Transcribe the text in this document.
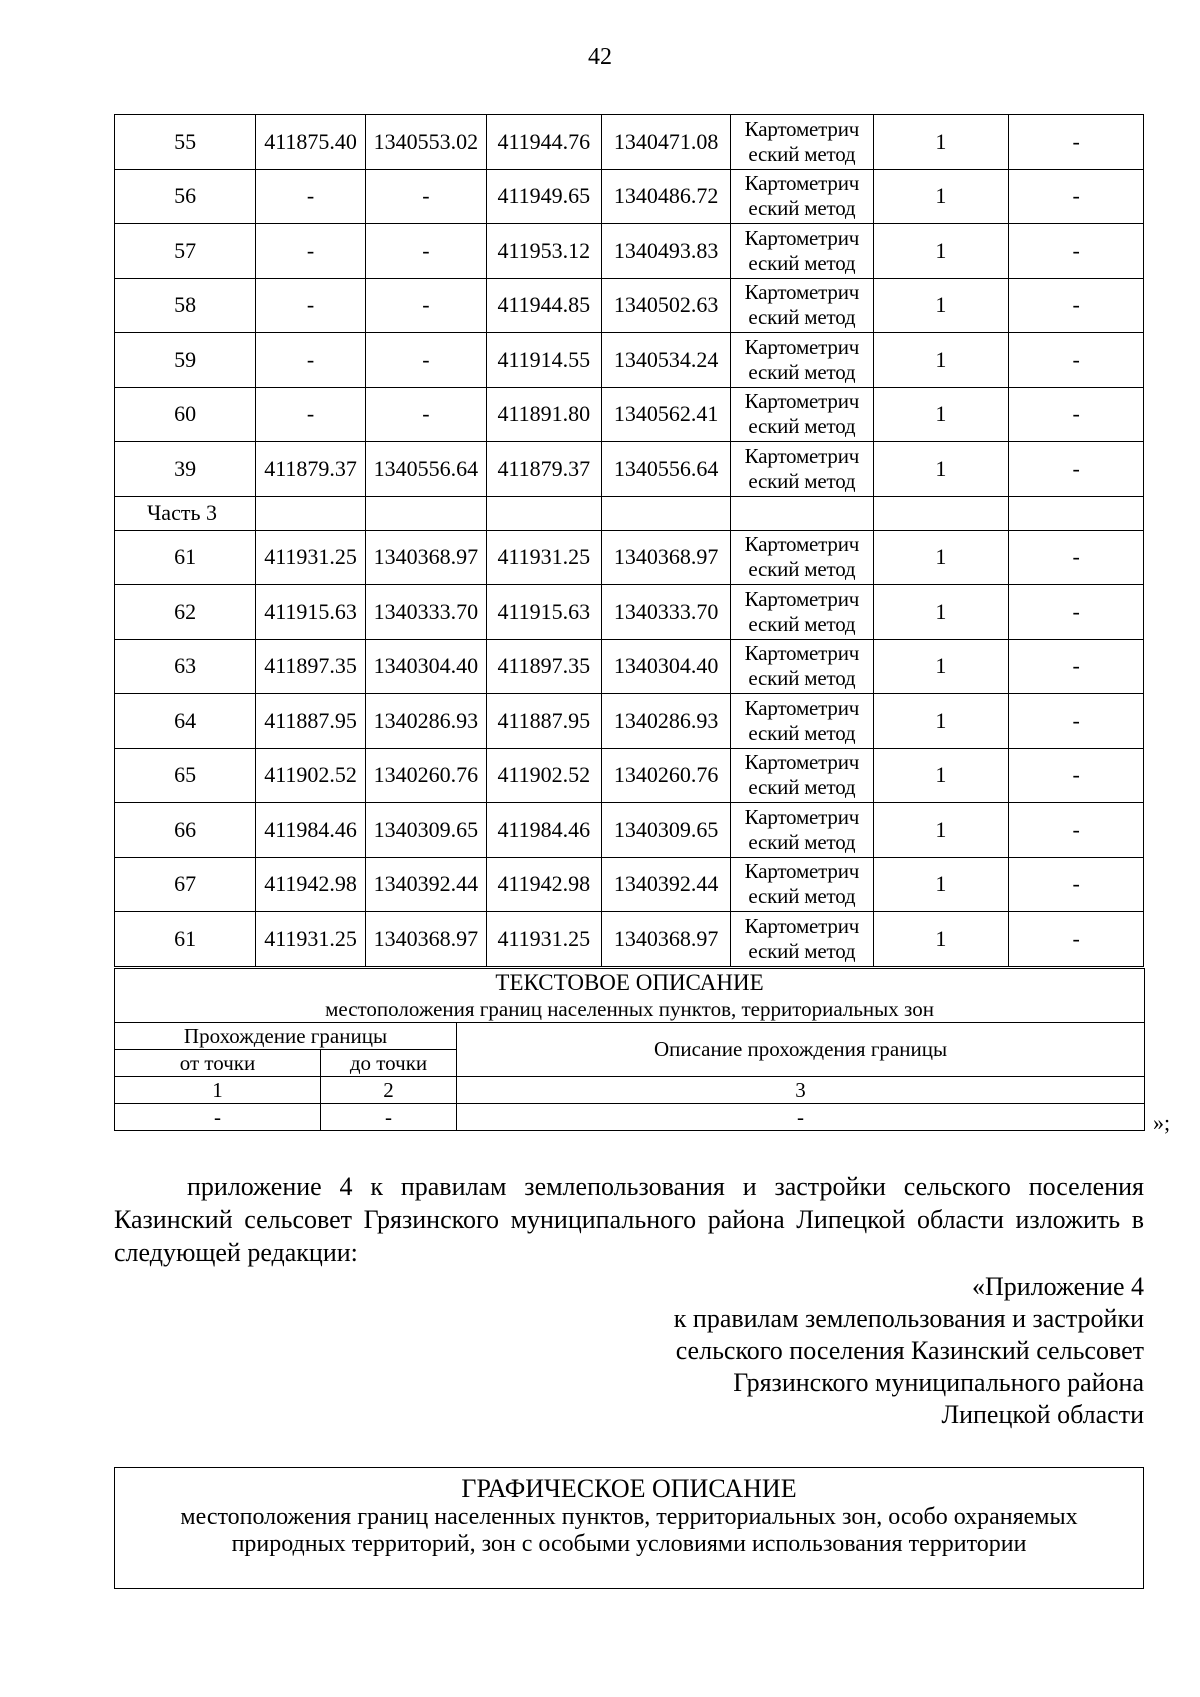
42
55	411875.40	1340553.02	411944.76	1340471.08	Картометрич еский метод	1	-
56	-	-	411949.65	1340486.72	Картометрич еский метод	1	-
57	-	-	411953.12	1340493.83	Картометрич еский метод	1	-
58	-	-	411944.85	1340502.63	Картометрич еский метод	1	-
59	-	-	411914.55	1340534.24	Картометрич еский метод	1	-
60	-	-	411891.80	1340562.41	Картометрич еский метод	1	-
39	411879.37	1340556.64	411879.37	1340556.64	Картометрич еский метод	1	-
Часть 3							
61	411931.25	1340368.97	411931.25	1340368.97	Картометрич еский метод	1	-
62	411915.63	1340333.70	411915.63	1340333.70	Картометрич еский метод	1	-
63	411897.35	1340304.40	411897.35	1340304.40	Картометрич еский метод	1	-
64	411887.95	1340286.93	411887.95	1340286.93	Картометрич еский метод	1	-
65	411902.52	1340260.76	411902.52	1340260.76	Картометрич еский метод	1	-
66	411984.46	1340309.65	411984.46	1340309.65	Картометрич еский метод	1	-
67	411942.98	1340392.44	411942.98	1340392.44	Картометрич еский метод	1	-
61	411931.25	1340368.97	411931.25	1340368.97	Картометрич еский метод	1	-
ТЕКСТОВОЕ ОПИСАНИЕ
местоположения границ населенных пунктов, территориальных зон		

Прохождение границы		Описание прохождения границы
от точки	до точки	
1	2	3
-	-	-	»;

приложение 4 к правилам землепользования и застройки сельского поселения Казинский сельсовет Грязинского муниципального района Липецкой области изложить в следующей редакции:

«Приложение 4
к правилам землепользования и застройки
сельского поселения Казинский сельсовет
Грязинского муниципального района
Липецкой области
ГРАФИЧЕСКОЕ ОПИСАНИЕ
местоположения границ населенных пунктов, территориальных зон, особо охраняемых природных территорий, зон с особыми условиями использования территории
